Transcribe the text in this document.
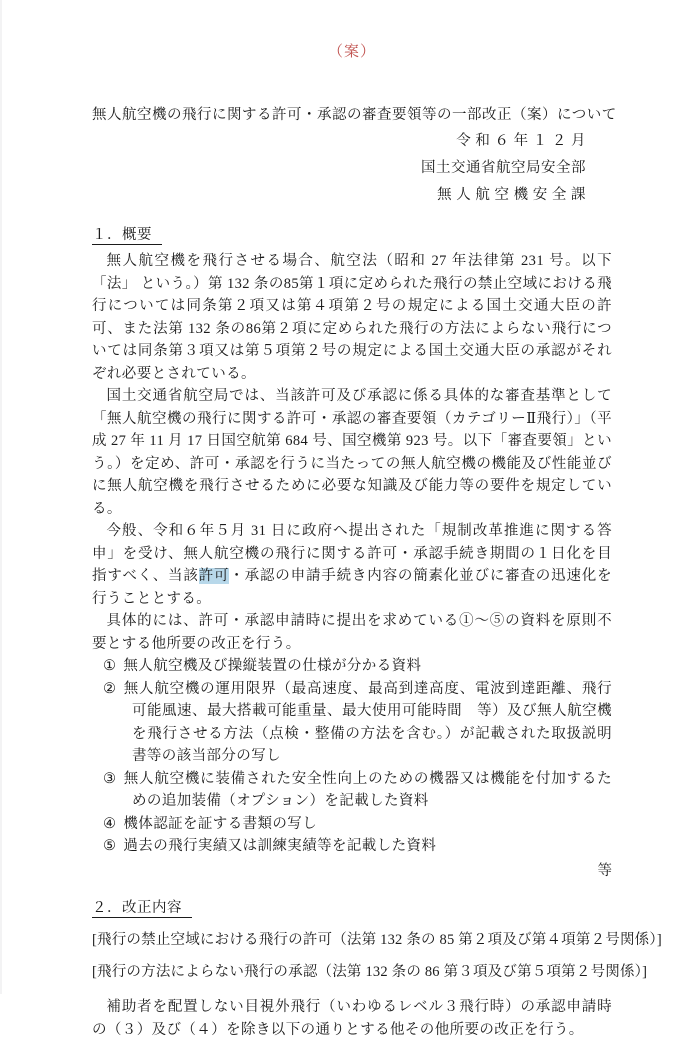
（案）
無人航空機の飛行に関する許可・承認の審査要領等の一部改正（案）について
令 和 ６ 年 １ ２ 月
国土交通省航空局安全部
無 人 航 空 機 安 全 課
１．概要
無人航空機を飛行させる場合、航空法（昭和 27 年法律第 231 号。以下「法」 という。）第 132 条の85第１項に定められた飛行の禁止空域における飛行については同条第２項又は第４項第２号の規定による国土交通大臣の許可、また法第 132 条の86第２項に定められた飛行の方法によらない飛行については同条第３項又は第５項第２号の規定による国土交通大臣の承認がそれぞれ必要とされている。
国土交通省航空局では、当該許可及び承認に係る具体的な審査基準として「無人航空機の飛行に関する許可・承認の審査要領（カテゴリーⅡ飛行）」（平成 27 年 11 月 17 日国空航第 684 号、国空機第 923 号。以下「審査要領」という。）を定め、許可・承認を行うに当たっての無人航空機の機能及び性能並びに無人航空機を飛行させるために必要な知識及び能力等の要件を規定している。
今般、令和６年５月 31 日に政府へ提出された「規制改革推進に関する答申」を受け、無人航空機の飛行に関する許可・承認手続き期間の１日化を目指すべく、当該許可・承認の申請手続き内容の簡素化並びに審査の迅速化を行うこととする。
具体的には、許可・承認申請時に提出を求めている①～⑤の資料を原則不要とする他所要の改正を行う。
① 無人航空機及び操縦装置の仕様が分かる資料
② 無人航空機の運用限界（最高速度、最高到達高度、電波到達距離、飛行可能風速、最大搭載可能重量、最大使用可能時間　等）及び無人航空機を飛行させる方法（点検・整備の方法を含む。）が記載された取扱説明書等の該当部分の写し
③ 無人航空機に装備された安全性向上のための機器又は機能を付加するための追加装備（オプション）を記載した資料
④ 機体認証を証する書類の写し
⑤ 過去の飛行実績又は訓練実績等を記載した資料
等
２．改正内容
[飛行の禁止空域における飛行の許可（法第 132 条の 85 第２項及び第４項第２号関係）]
[飛行の方法によらない飛行の承認（法第 132 条の 86 第３項及び第５項第２号関係）]
補助者を配置しない目視外飛行（いわゆるレベル３飛行時）の承認申請時の（３）及び（４）を除き以下の通りとする他その他所要の改正を行う。
